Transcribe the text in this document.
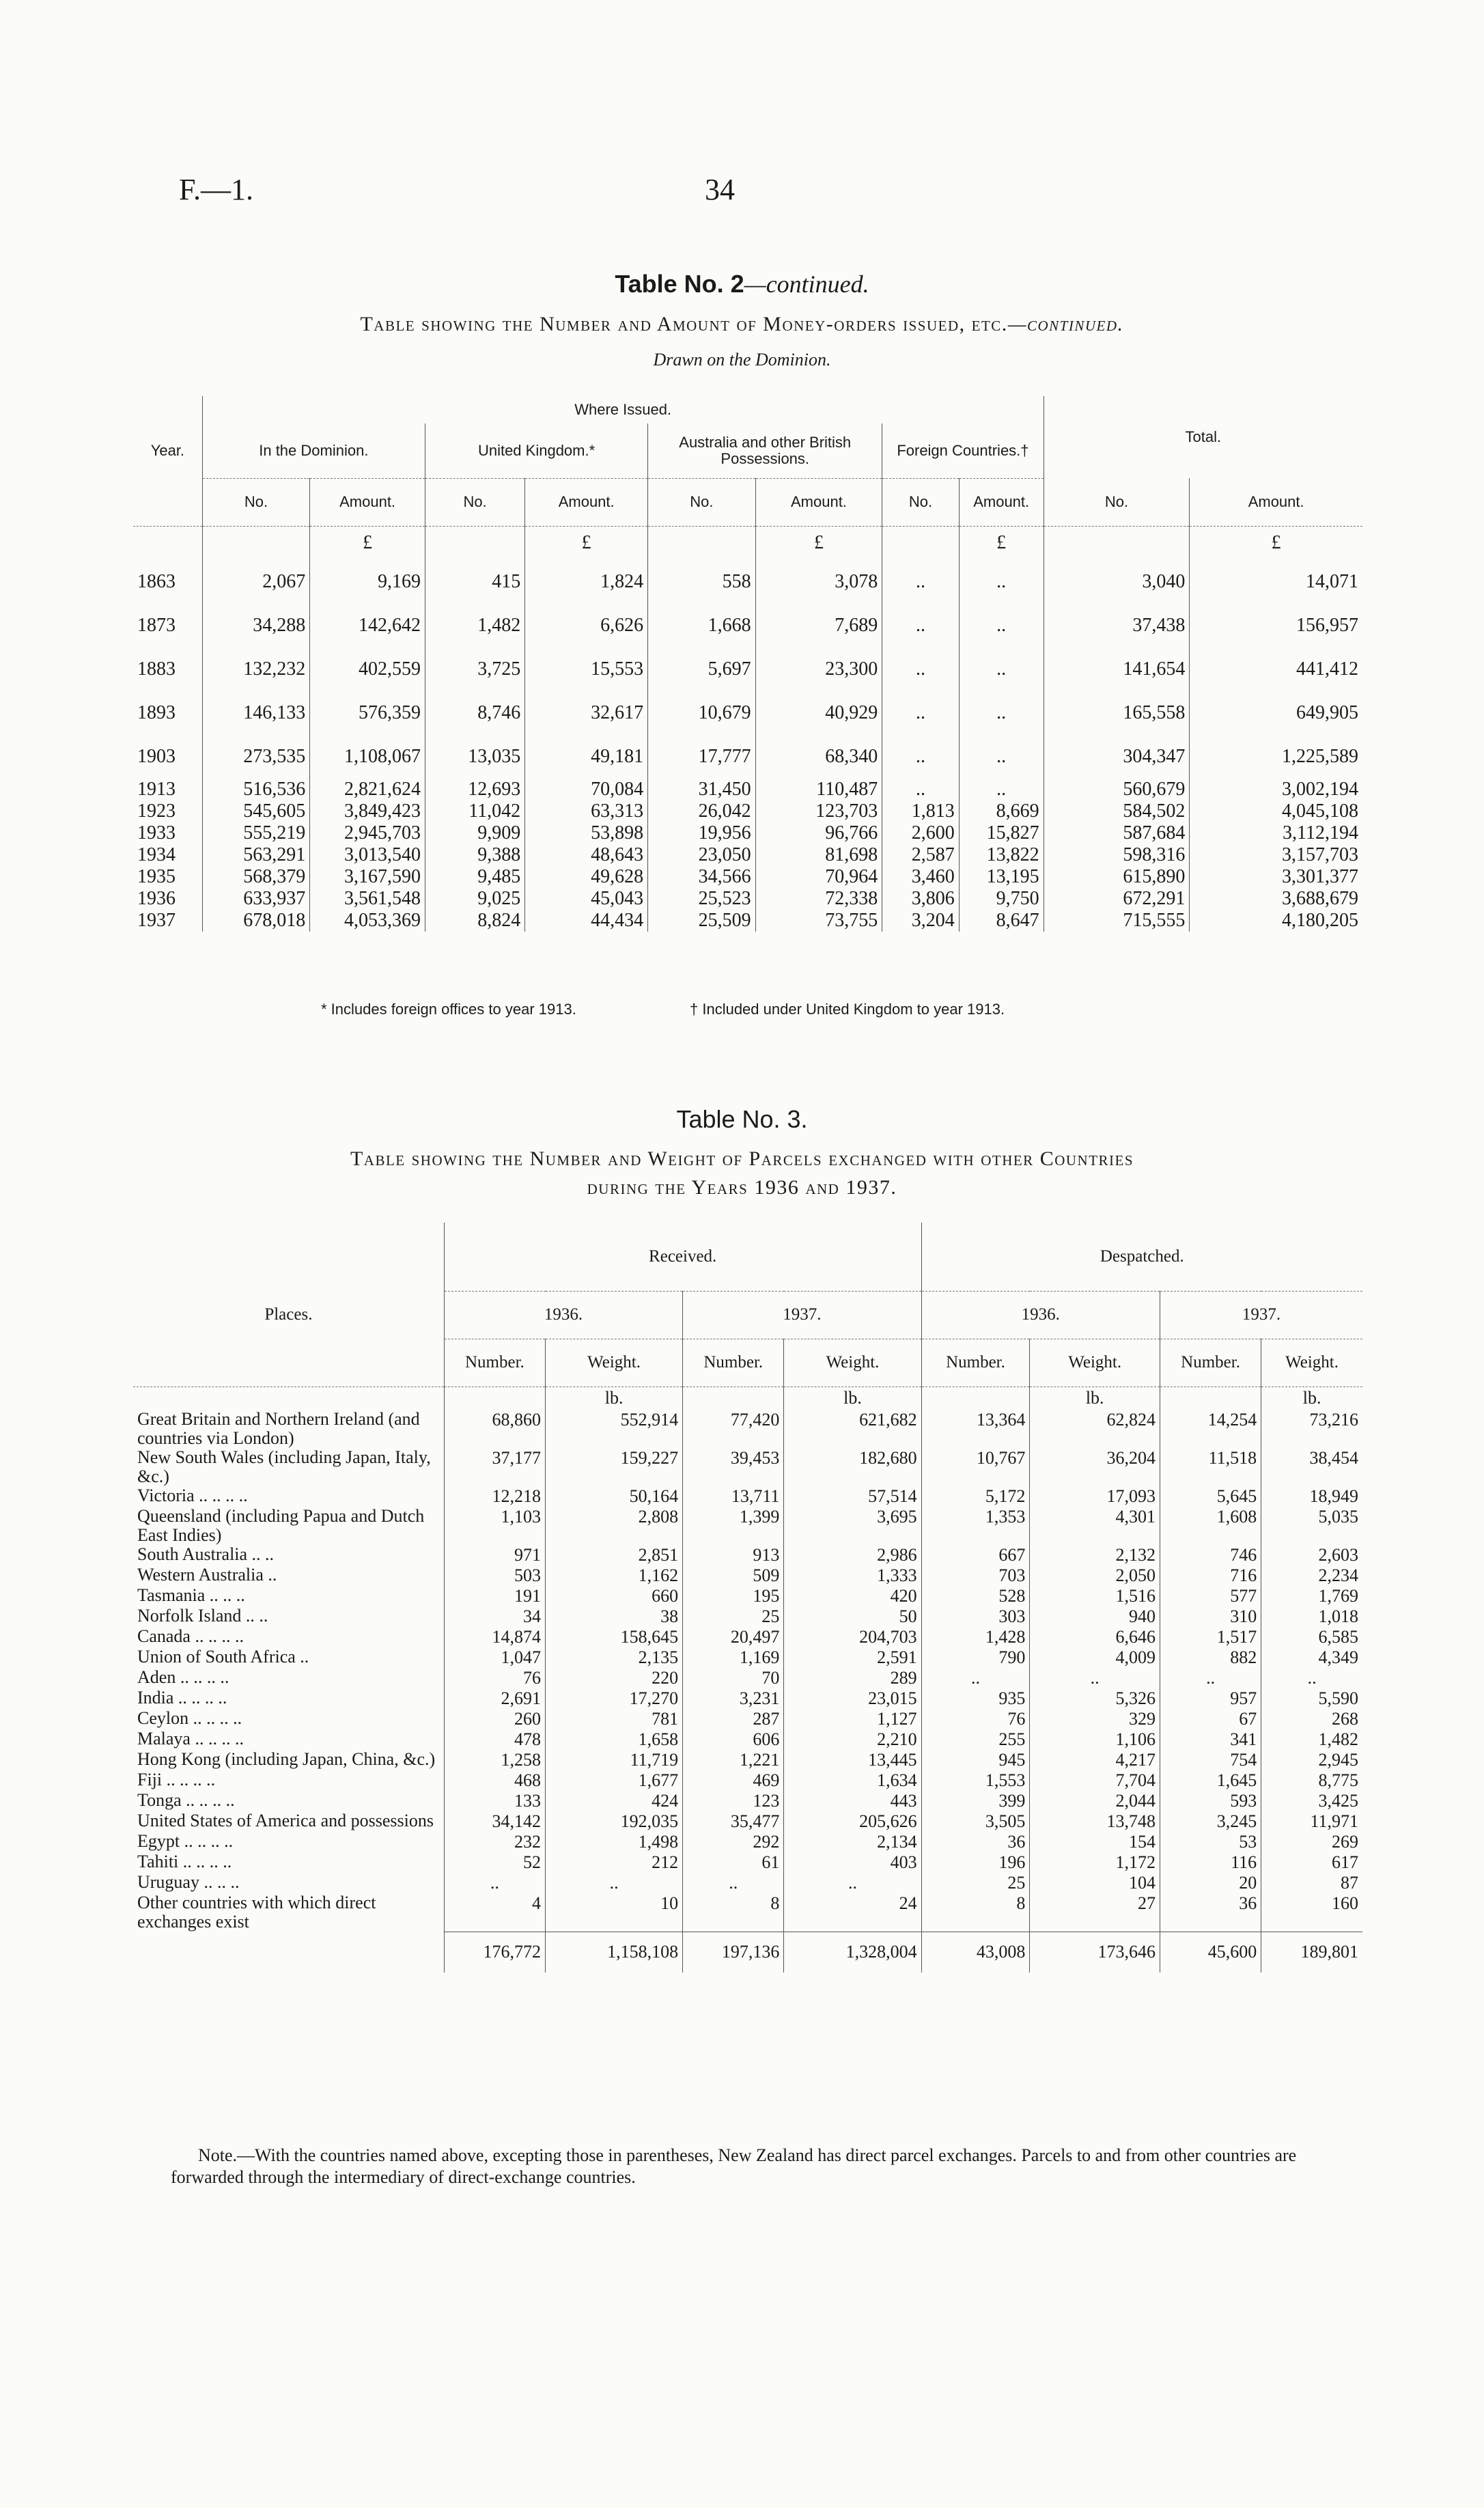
F.—1.	34
Table No. 2—continued.
Table showing the Number and Amount of Money-orders issued, etc.—continued.
Drawn on the Dominion.
	Where Issued.								Total.	
Year.	In the Dominion.		United Kingdom.*		Australia and other British Possessions.		Foreign Countries.†			
	No.	Amount.	No.	Amount.	No.	Amount.	No.	Amount.	No.	Amount.
		£		£		£		£		£
1863	2,067	9,169	415	1,824	558	3,078	..	..	3,040	14,071
1873	34,288	142,642	1,482	6,626	1,668	7,689	..	..	37,438	156,957
1883	132,232	402,559	3,725	15,553	5,697	23,300	..	..	141,654	441,412
1893	146,133	576,359	8,746	32,617	10,679	40,929	..	..	165,558	649,905
1903	273,535	1,108,067	13,035	49,181	17,777	68,340	..	..	304,347	1,225,589
1913	516,536	2,821,624	12,693	70,084	31,450	110,487	..	..	560,679	3,002,194
1923	545,605	3,849,423	11,042	63,313	26,042	123,703	1,813	8,669	584,502	4,045,108
1933	555,219	2,945,703	9,909	53,898	19,956	96,766	2,600	15,827	587,684	3,112,194
1934	563,291	3,013,540	9,388	48,643	23,050	81,698	2,587	13,822	598,316	3,157,703
1935	568,379	3,167,590	9,485	49,628	34,566	70,964	3,460	13,195	615,890	3,301,377
1936	633,937	3,561,548	9,025	45,043	25,523	72,338	3,806	9,750	672,291	3,688,679
1937	678,018	4,053,369	8,824	44,434	25,509	73,755	3,204	8,647	715,555	4,180,205
* Includes foreign offices to year 1913.	† Included under United Kingdom to year 1913.
Table No. 3.
Table showing the Number and Weight of Parcels exchanged with other Countries
during the Years 1936 and 1937.
	Received.				Despatched.			
Places.	1936.		1937.		1936.		1937.	
	Number.	Weight.	Number.	Weight.	Number.	Weight.	Number.	Weight.
		lb.		lb.		lb.		lb.
Great Britain and Northern Ireland (and countries via London)	68,860	552,914	77,420	621,682	13,364	62,824	14,254	73,216
New South Wales (including Japan, Italy, &c.)	37,177	159,227	39,453	182,680	10,767	36,204	11,518	38,454
Victoria .. .. .. ..	12,218	50,164	13,711	57,514	5,172	17,093	5,645	18,949
Queensland (including Papua and Dutch East Indies)	1,103	2,808	1,399	3,695	1,353	4,301	1,608	5,035
South Australia .. ..	971	2,851	913	2,986	667	2,132	746	2,603
Western Australia ..	503	1,162	509	1,333	703	2,050	716	2,234
Tasmania .. .. ..	191	660	195	420	528	1,516	577	1,769
Norfolk Island .. ..	34	38	25	50	303	940	310	1,018
Canada .. .. .. ..	14,874	158,645	20,497	204,703	1,428	6,646	1,517	6,585
Union of South Africa ..	1,047	2,135	1,169	2,591	790	4,009	882	4,349
Aden .. .. .. ..	76	220	70	289	..	..	..	..
India .. .. .. ..	2,691	17,270	3,231	23,015	935	5,326	957	5,590
Ceylon .. .. .. ..	260	781	287	1,127	76	329	67	268
Malaya .. .. .. ..	478	1,658	606	2,210	255	1,106	341	1,482
Hong Kong (including Japan, China, &c.)	1,258	11,719	1,221	13,445	945	4,217	754	2,945
Fiji .. .. .. ..	468	1,677	469	1,634	1,553	7,704	1,645	8,775
Tonga .. .. .. ..	133	424	123	443	399	2,044	593	3,425
United States of America and possessions	34,142	192,035	35,477	205,626	3,505	13,748	3,245	11,971
Egypt .. .. .. ..	232	1,498	292	2,134	36	154	53	269
Tahiti .. .. .. ..	52	212	61	403	196	1,172	116	617
Uruguay .. .. ..	..	..	..	..	25	104	20	87
Other countries with which direct exchanges exist	4	10	8	24	8	27	36	160
	176,772	1,158,108	197,136	1,328,004	43,008	173,646	45,600	189,801
Note.—With the countries named above, excepting those in parentheses, New Zealand has direct parcel exchanges. Parcels to and from other countries are forwarded through the intermediary of direct-exchange countries.
